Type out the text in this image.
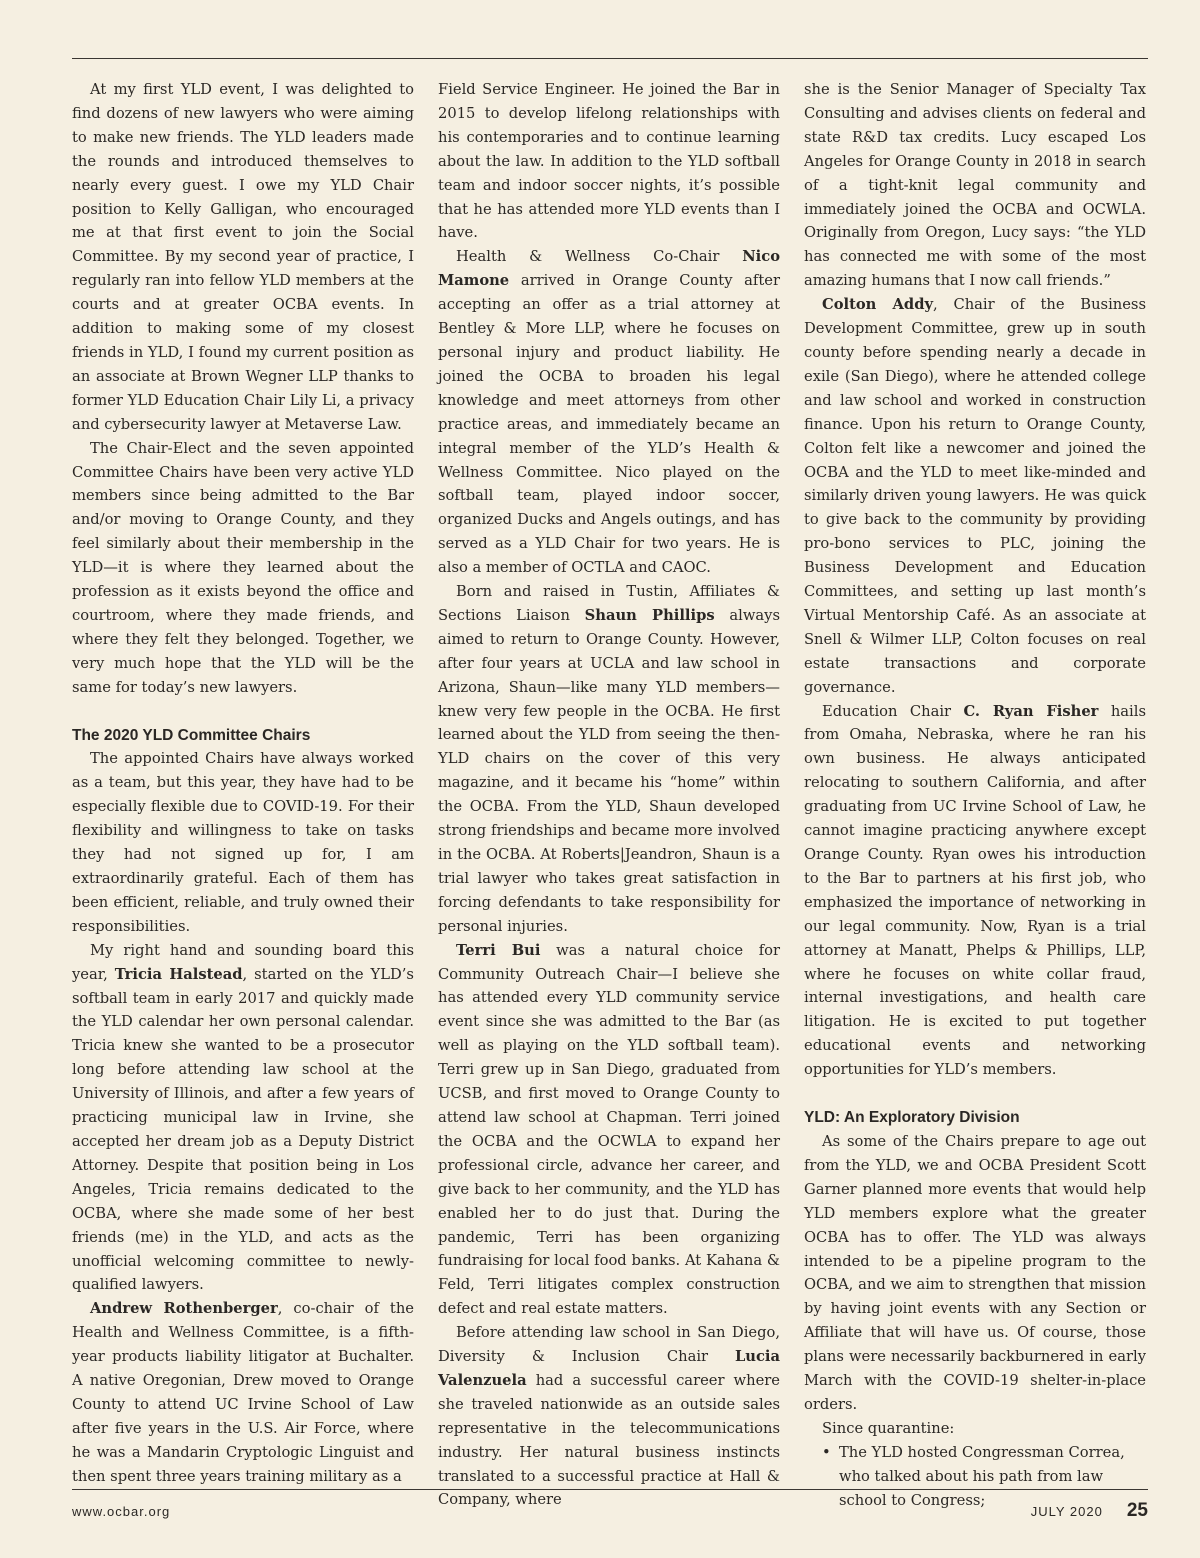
At my first YLD event, I was delighted to find dozens of new lawyers who were aiming to make new friends. The YLD leaders made the rounds and introduced themselves to nearly every guest. I owe my YLD Chair position to Kelly Galligan, who encouraged me at that first event to join the Social Committee. By my second year of practice, I regularly ran into fellow YLD members at the courts and at greater OCBA events. In addition to making some of my closest friends in YLD, I found my current position as an associate at Brown Wegner LLP thanks to former YLD Education Chair Lily Li, a privacy and cybersecurity lawyer at Metaverse Law.

The Chair-Elect and the seven appointed Committee Chairs have been very active YLD members since being admitted to the Bar and/or moving to Orange County, and they feel similarly about their membership in the YLD—it is where they learned about the profession as it exists beyond the office and courtroom, where they made friends, and where they felt they belonged. Together, we very much hope that the YLD will be the same for today’s new lawyers.

The 2020 YLD Committee Chairs

The appointed Chairs have always worked as a team, but this year, they have had to be especially flexible due to COVID-19. For their flexibility and willingness to take on tasks they had not signed up for, I am extraordinarily grateful. Each of them has been efficient, reliable, and truly owned their responsibilities.

My right hand and sounding board this year, Tricia Halstead, started on the YLD’s softball team in early 2017 and quickly made the YLD calendar her own personal calendar. Tricia knew she wanted to be a prosecutor long before attending law school at the University of Illinois, and after a few years of practicing municipal law in Irvine, she accepted her dream job as a Deputy District Attorney. Despite that position being in Los Angeles, Tricia remains dedicated to the OCBA, where she made some of her best friends (me) in the YLD, and acts as the unofficial welcoming committee to newly-qualified lawyers.

Andrew Rothenberger, co-chair of the Health and Wellness Committee, is a fifth-year products liability litigator at Buchalter. A native Oregonian, Drew moved to Orange County to attend UC Irvine School of Law after five years in the U.S. Air Force, where he was a Mandarin Cryptologic Linguist and then spent three years training military as a

Field Service Engineer. He joined the Bar in 2015 to develop lifelong relationships with his contemporaries and to continue learning about the law. In addition to the YLD softball team and indoor soccer nights, it’s possible that he has attended more YLD events than I have.

Health & Wellness Co-Chair Nico Mamone arrived in Orange County after accepting an offer as a trial attorney at Bentley & More LLP, where he focuses on personal injury and product liability. He joined the OCBA to broaden his legal knowledge and meet attorneys from other practice areas, and immediately became an integral member of the YLD’s Health & Wellness Committee. Nico played on the softball team, played indoor soccer, organized Ducks and Angels outings, and has served as a YLD Chair for two years. He is also a member of OCTLA and CAOC.

Born and raised in Tustin, Affiliates & Sections Liaison Shaun Phillips always aimed to return to Orange County. However, after four years at UCLA and law school in Arizona, Shaun—like many YLD members—knew very few people in the OCBA. He first learned about the YLD from seeing the then-YLD chairs on the cover of this very magazine, and it became his “home” within the OCBA. From the YLD, Shaun developed strong friendships and became more involved in the OCBA. At Roberts|Jeandron, Shaun is a trial lawyer who takes great satisfaction in forcing defendants to take responsibility for personal injuries.

Terri Bui was a natural choice for Community Outreach Chair—I believe she has attended every YLD community service event since she was admitted to the Bar (as well as playing on the YLD softball team). Terri grew up in San Diego, graduated from UCSB, and first moved to Orange County to attend law school at Chapman. Terri joined the OCBA and the OCWLA to expand her professional circle, advance her career, and give back to her community, and the YLD has enabled her to do just that. During the pandemic, Terri has been organizing fundraising for local food banks. At Kahana & Feld, Terri litigates complex construction defect and real estate matters.

Before attending law school in San Diego, Diversity & Inclusion Chair Lucia Valenzuela had a successful career where she traveled nationwide as an outside sales representative in the telecommunications industry. Her natural business instincts translated to a successful practice at Hall & Company, where

she is the Senior Manager of Specialty Tax Consulting and advises clients on federal and state R&D tax credits. Lucy escaped Los Angeles for Orange County in 2018 in search of a tight-knit legal community and immediately joined the OCBA and OCWLA. Originally from Oregon, Lucy says: “the YLD has connected me with some of the most amazing humans that I now call friends.”

Colton Addy, Chair of the Business Development Committee, grew up in south county before spending nearly a decade in exile (San Diego), where he attended college and law school and worked in construction finance. Upon his return to Orange County, Colton felt like a newcomer and joined the OCBA and the YLD to meet like-minded and similarly driven young lawyers. He was quick to give back to the community by providing pro-bono services to PLC, joining the Business Development and Education Committees, and setting up last month’s Virtual Mentorship Café. As an associate at Snell & Wilmer LLP, Colton focuses on real estate transactions and corporate governance.

Education Chair C. Ryan Fisher hails from Omaha, Nebraska, where he ran his own business. He always anticipated relocating to southern California, and after graduating from UC Irvine School of Law, he cannot imagine practicing anywhere except Orange County. Ryan owes his introduction to the Bar to partners at his first job, who emphasized the importance of networking in our legal community. Now, Ryan is a trial attorney at Manatt, Phelps & Phillips, LLP, where he focuses on white collar fraud, internal investigations, and health care litigation. He is excited to put together educational events and networking opportunities for YLD’s members.

YLD: An Exploratory Division

As some of the Chairs prepare to age out from the YLD, we and OCBA President Scott Garner planned more events that would help YLD members explore what the greater OCBA has to offer. The YLD was always intended to be a pipeline program to the OCBA, and we aim to strengthen that mission by having joint events with any Section or Affiliate that will have us. Of course, those plans were necessarily backburnered in early March with the COVID-19 shelter-in-place orders.

Since quarantine:

• The YLD hosted Congressman Correa, who talked about his path from law school to Congress;
www.ocbar.org	JULY 2020 25
